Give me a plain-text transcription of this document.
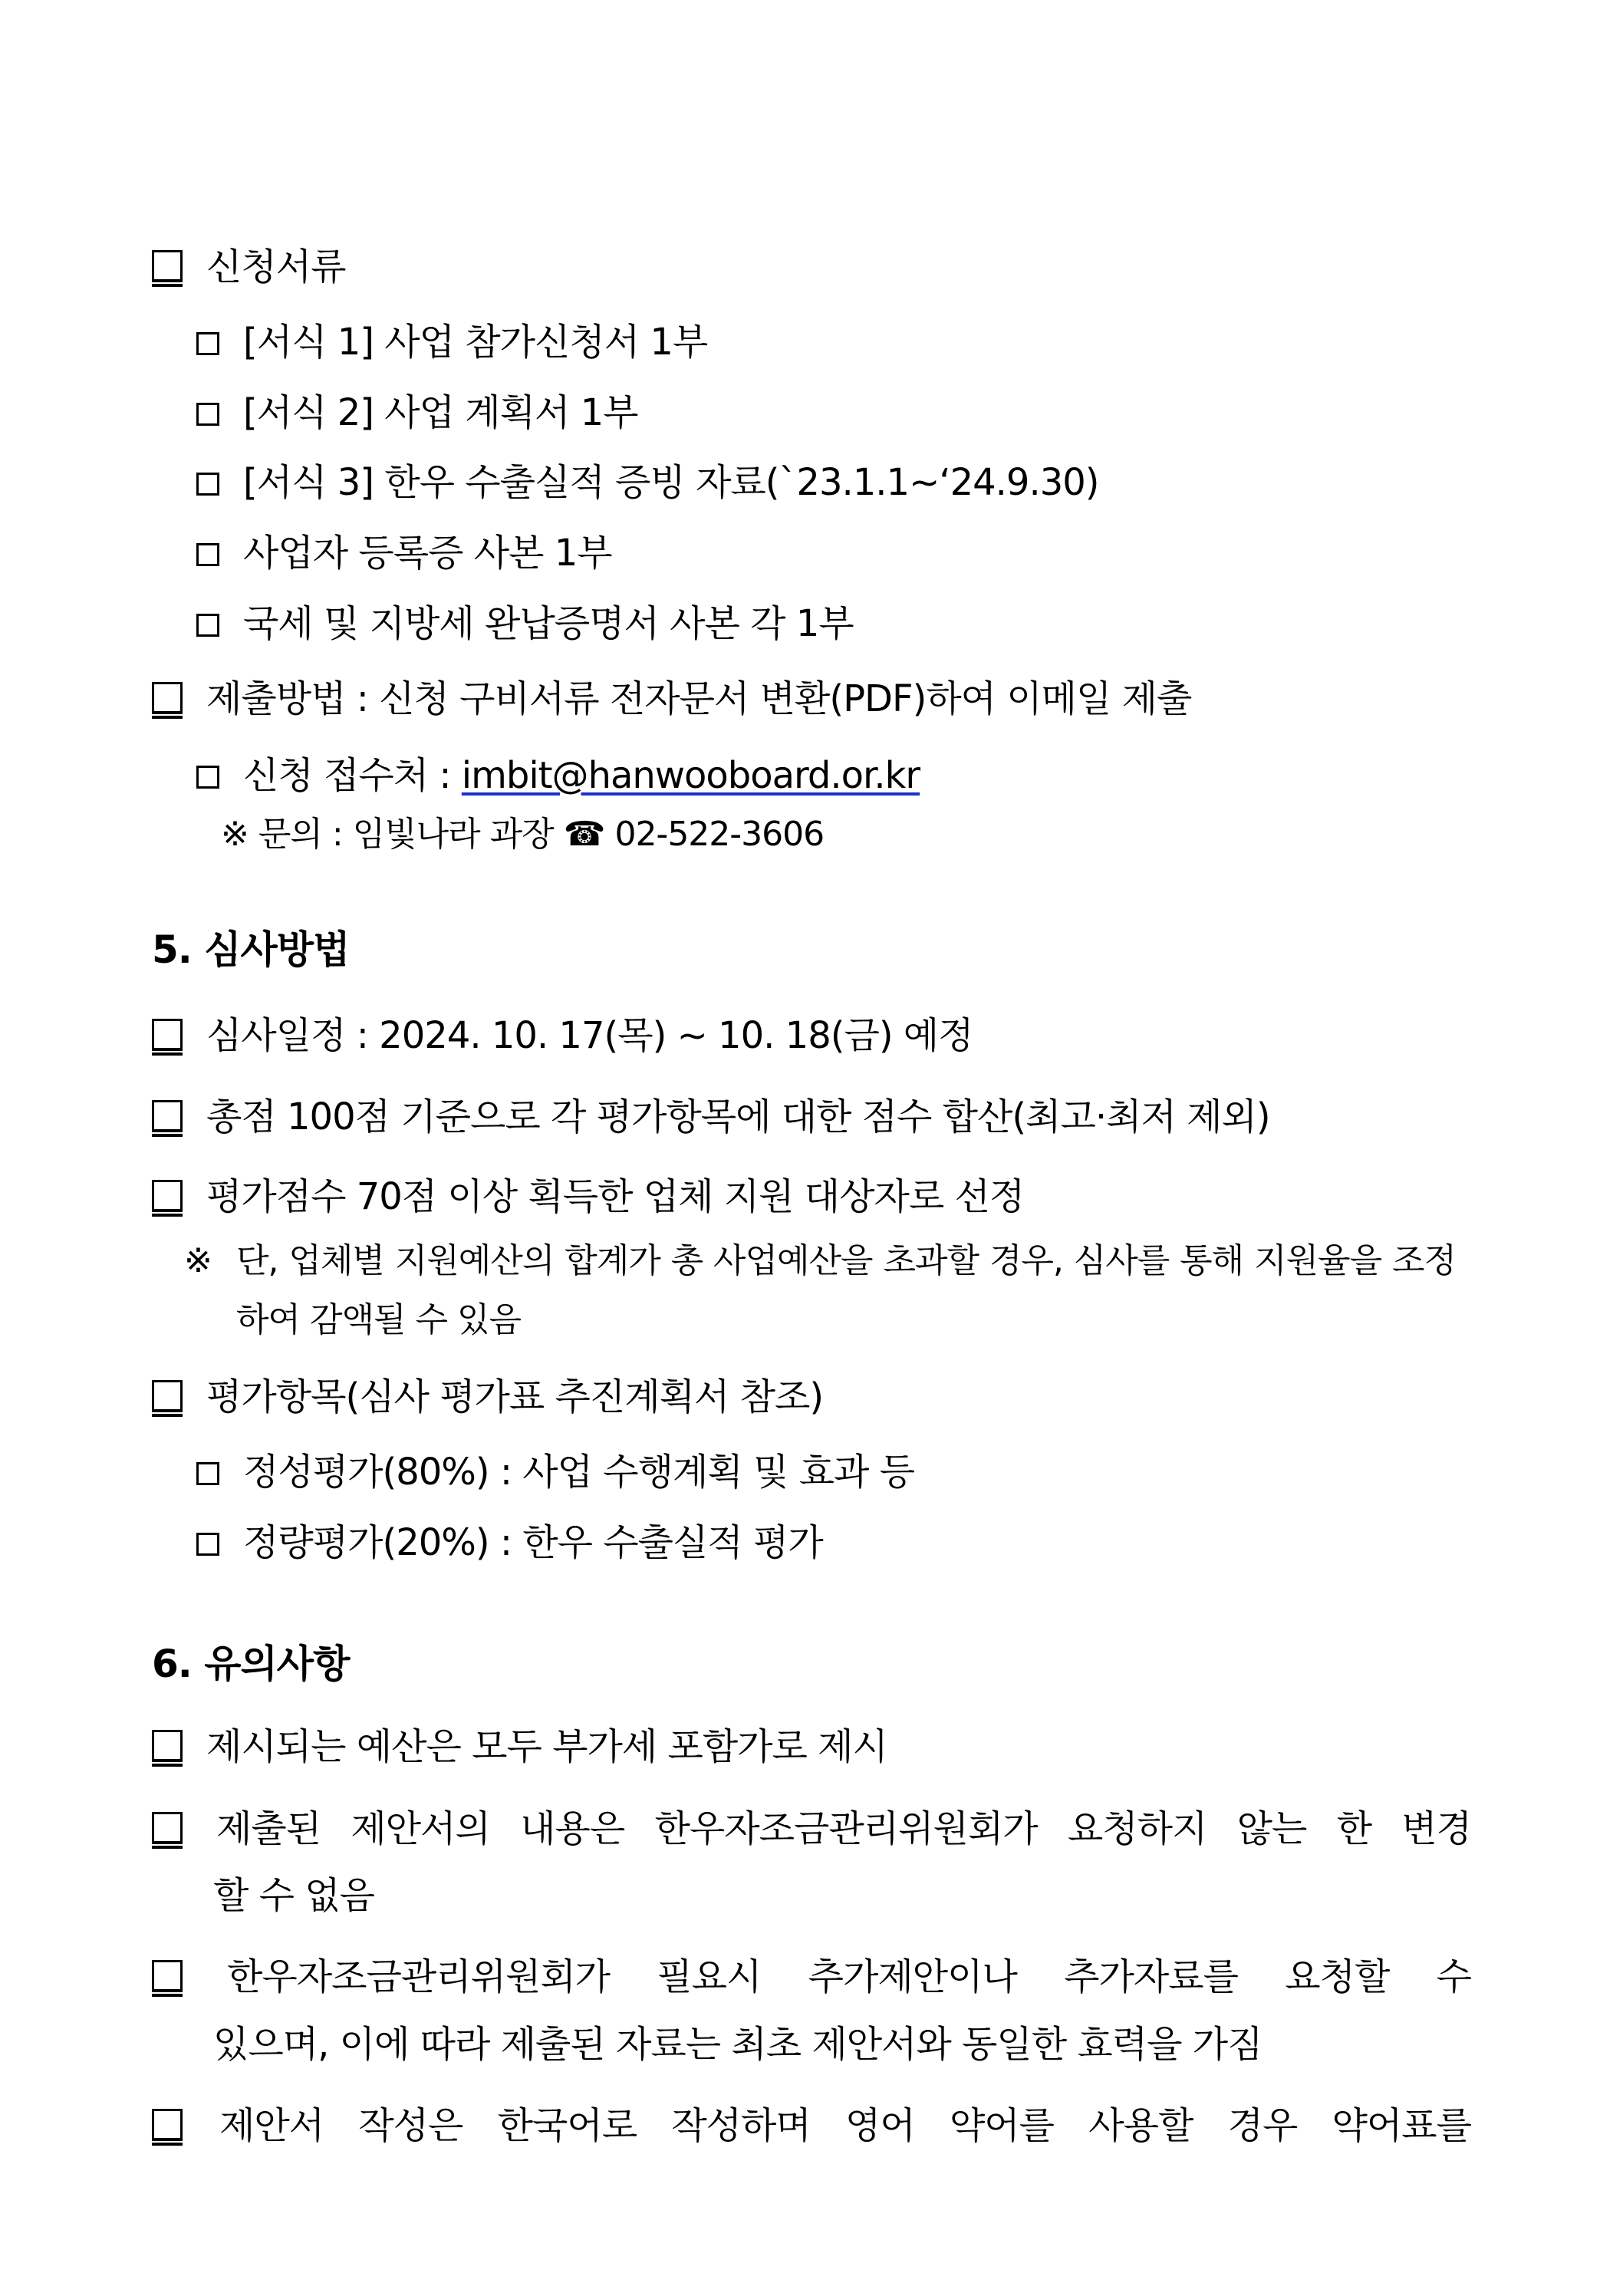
신청서류
[서식 1] 사업 참가신청서 1부
[서식 2] 사업 계획서 1부
[서식 3] 한우 수출실적 증빙 자료(`23.1.1~‘24.9.30)
사업자 등록증 사본 1부
국세 및 지방세 완납증명서 사본 각 1부
제출방법 : 신청 구비서류 전자문서 변환(PDF)하여 이메일 제출
신청 접수처 : imbit@hanwooboard.or.kr
※ 문의 : 임빛나라 과장 ☎ 02-522-3606
5. 심사방법
심사일정 : 2024. 10. 17(목) ~ 10. 18(금) 예정
총점 100점 기준으로 각 평가항목에 대한 점수 합산(최고·최저 제외)
평가점수 70점 이상 획득한 업체 지원 대상자로 선정
※ 단, 업체별 지원예산의 합계가 총 사업예산을 초과할 경우, 심사를 통해 지원율을 조정
하여 감액될 수 있음
평가항목(심사 평가표 추진계획서 참조)
정성평가(80%) : 사업 수행계획 및 효과 등
정량평가(20%) : 한우 수출실적 평가
6. 유의사항
제시되는 예산은 모두 부가세 포함가로 제시
제출된 제안서의 내용은 한우자조금관리위원회가 요청하지 않는 한 변경
할 수 없음
한우자조금관리위원회가 필요시 추가제안이나 추가자료를 요청할 수
있으며, 이에 따라 제출된 자료는 최초 제안서와 동일한 효력을 가짐
제안서 작성은 한국어로 작성하며 영어 약어를 사용할 경우 약어표를
